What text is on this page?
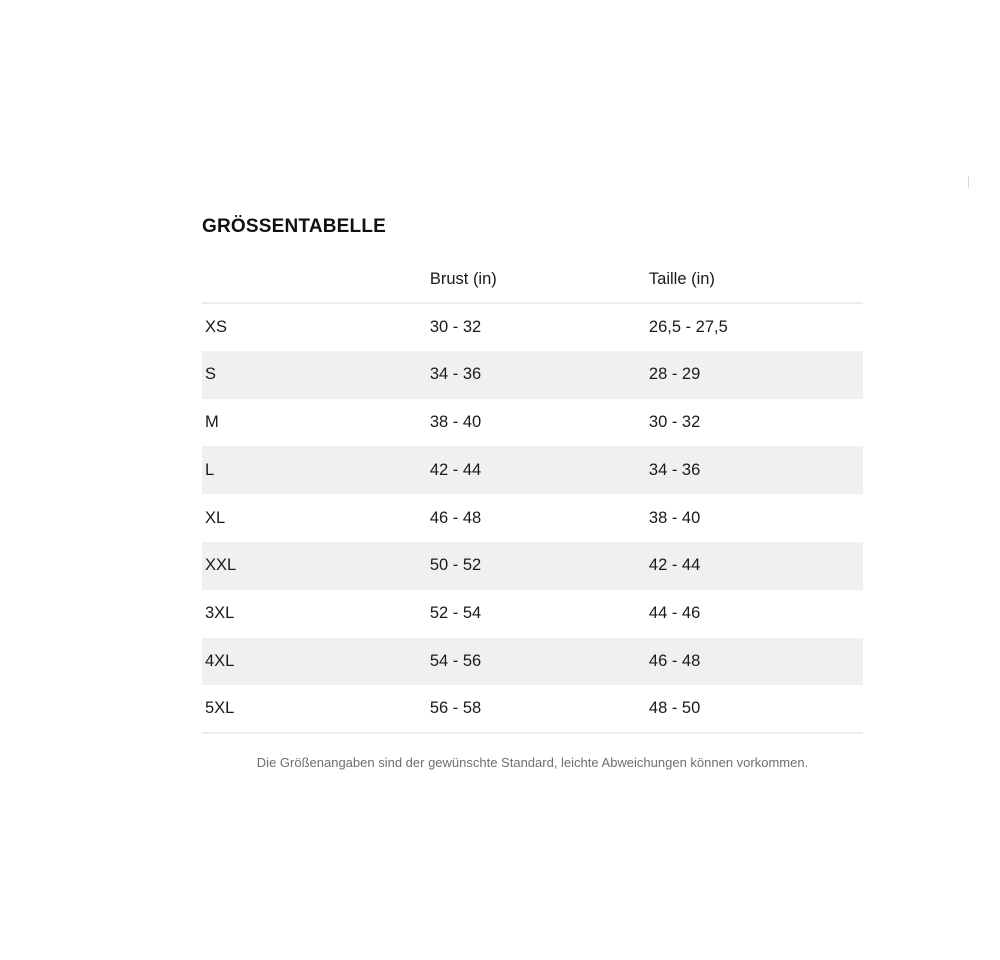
GRÖSSENTABELLE
	Brust (in)	Taille (in)
XS	30 - 32	26,5 - 27,5
S	34 - 36	28 - 29
M	38 - 40	30 - 32
L	42 - 44	34 - 36
XL	46 - 48	38 - 40
XXL	50 - 52	42 - 44
3XL	52 - 54	44 - 46
4XL	54 - 56	46 - 48
5XL	56 - 58	48 - 50

Die Größenangaben sind der gewünschte Standard, leichte Abweichungen können vorkommen.
